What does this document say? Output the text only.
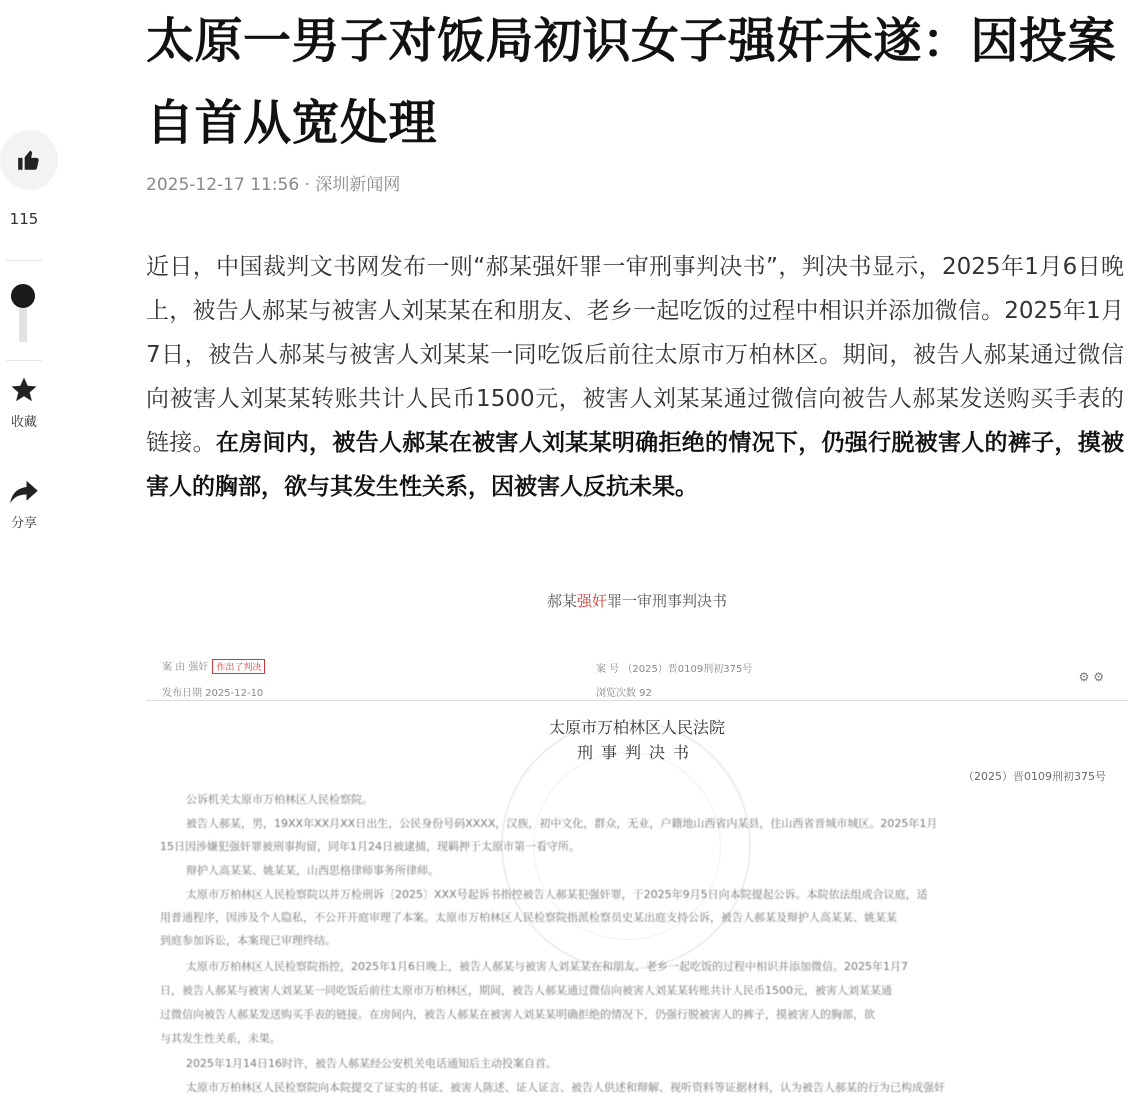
115
收藏
分享
太原一男子对饭局初识女子强奸未遂：因投案自首从宽处理
2025-12-17 11:56 · 深圳新闻网
近日，中国裁判文书网发布一则“郝某强奸罪一审刑事判决书”，判决书显示，2025年1月6日晚上，被告人郝某与被害人刘某某在和朋友、老乡一起吃饭的过程中相识并添加微信。2025年1月7日，被告人郝某与被害人刘某某一同吃饭后前往太原市万柏林区。期间，被告人郝某通过微信向被害人刘某某转账共计人民币1500元，被害人刘某某通过微信向被告人郝某发送购买手表的链接。在房间内，被告人郝某在被害人刘某某明确拒绝的情况下，仍强行脱被害人的裤子，摸被害人的胸部，欲与其发生性关系，因被害人反抗未果。
郝某强奸罪一审刑事判决书
案 由 强奸 作出了判决
发布日期 2025-12-10
案 号 （2025）晋0109刑初375号
浏览次数 92
⚙ ⚙
太原市万柏林区人民法院
刑事判决书
（2025）晋0109刑初375号
公诉机关太原市万柏林区人民检察院。
被告人郝某，男，19XX年XX月XX日出生，公民身份号码XXXX，汉族，初中文化，群众，无业，户籍地山西省内某县，住山西省晋城市城区。2025年1月
15日因涉嫌犯强奸罪被刑事拘留，同年1月24日被逮捕，现羁押于太原市第一看守所。
辩护人高某某、姚某某，山西思格律师事务所律师。
太原市万柏林区人民检察院以并万检刑诉〔2025〕XXX号起诉书指控被告人郝某犯强奸罪，于2025年9月5日向本院提起公诉。本院依法组成合议庭，适
用普通程序，因涉及个人隐私，不公开开庭审理了本案。太原市万柏林区人民检察院指派检察员史某出庭支持公诉，被告人郝某及辩护人高某某、姚某某
到庭参加诉讼，本案现已审理终结。
太原市万柏林区人民检察院指控，2025年1月6日晚上，被告人郝某与被害人刘某某在和朋友、老乡一起吃饭的过程中相识并添加微信。2025年1月7
日，被告人郝某与被害人刘某某一同吃饭后前往太原市万柏林区，期间，被告人郝某通过微信向被害人刘某某转账共计人民币1500元，被害人刘某某通
过微信向被告人郝某发送购买手表的链接。在房间内，被告人郝某在被害人刘某某明确拒绝的情况下，仍强行脱被害人的裤子，摸被害人的胸部，欲
与其发生性关系，未果。
2025年1月14日16时许，被告人郝某经公安机关电话通知后主动投案自首。
太原市万柏林区人民检察院向本院提交了证实的书证、被害人陈述、证人证言、被告人供述和辩解、视听资料等证据材料，认为被告人郝某的行为已构成强奸
